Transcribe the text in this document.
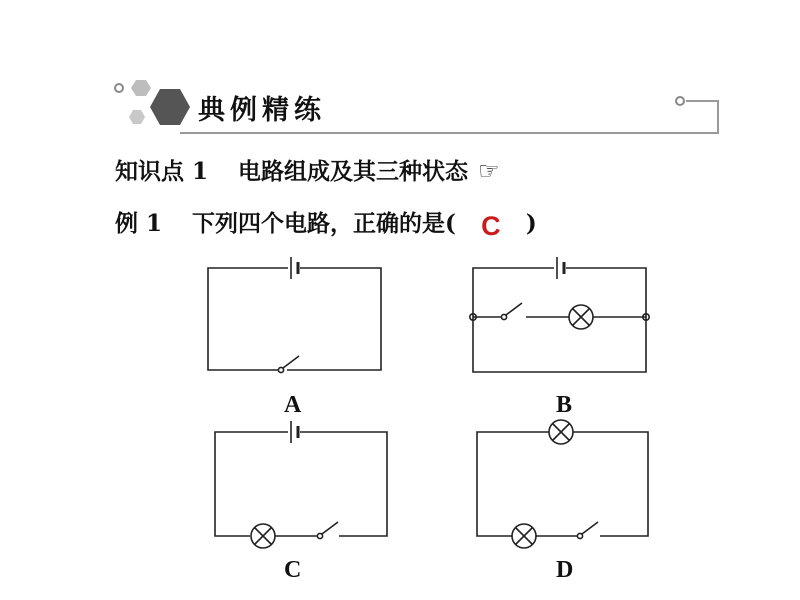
典例精练
知识点 1 电路组成及其三种状态 ☞
例 1 下列四个电路，正确的是( C )
A	B
C	D
